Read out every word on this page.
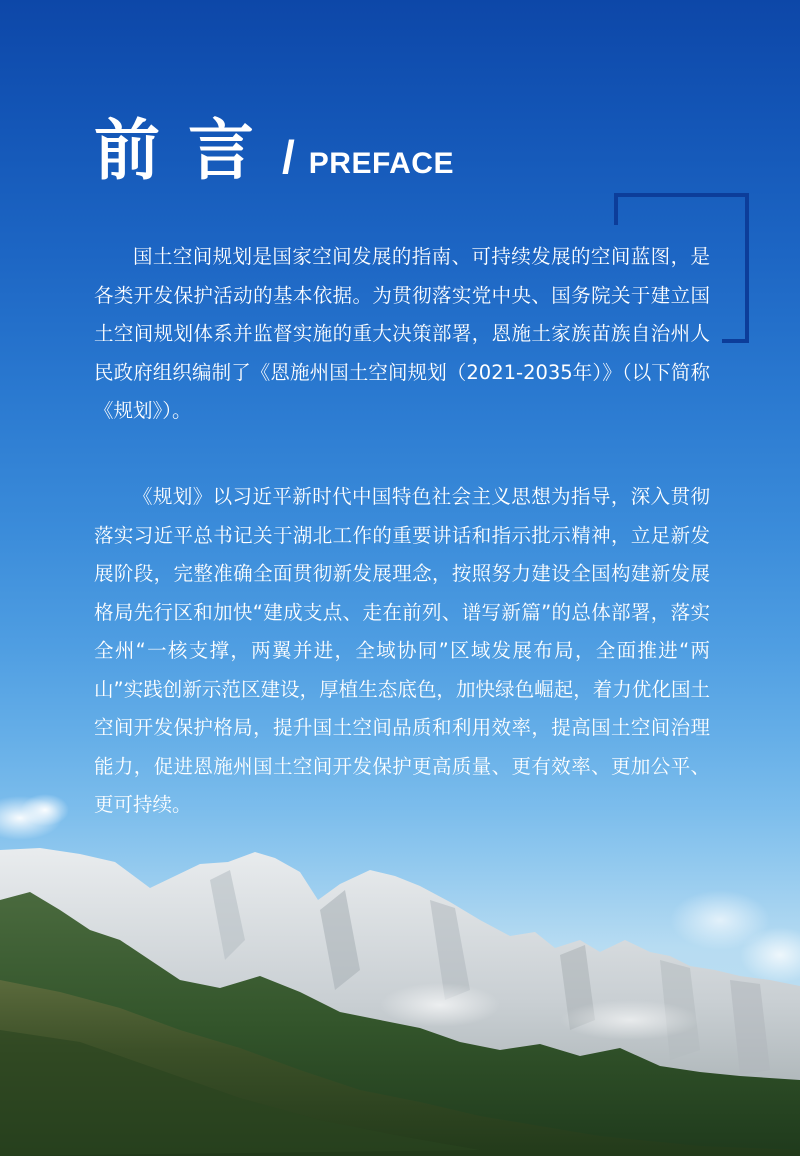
前言 / PREFACE

国土空间规划是国家空间发展的指南、可持续发展的空间蓝图，是各类开发保护活动的基本依据。为贯彻落实党中央、国务院关于建立国土空间规划体系并监督实施的重大决策部署，恩施土家族苗族自治州人民政府组织编制了《恩施州国土空间规划（2021-2035年）》（以下简称《规划》）。

《规划》以习近平新时代中国特色社会主义思想为指导，深入贯彻落实习近平总书记关于湖北工作的重要讲话和指示批示精神，立足新发展阶段，完整准确全面贯彻新发展理念，按照努力建设全国构建新发展格局先行区和加快“建成支点、走在前列、谱写新篇”的总体部署，落实全州“一核支撑，两翼并进，全域协同”区域发展布局，全面推进“两山”实践创新示范区建设，厚植生态底色，加快绿色崛起，着力优化国土空间开发保护格局，提升国土空间品质和利用效率，提高国土空间治理能力，促进恩施州国土空间开发保护更高质量、更有效率、更加公平、更可持续。
